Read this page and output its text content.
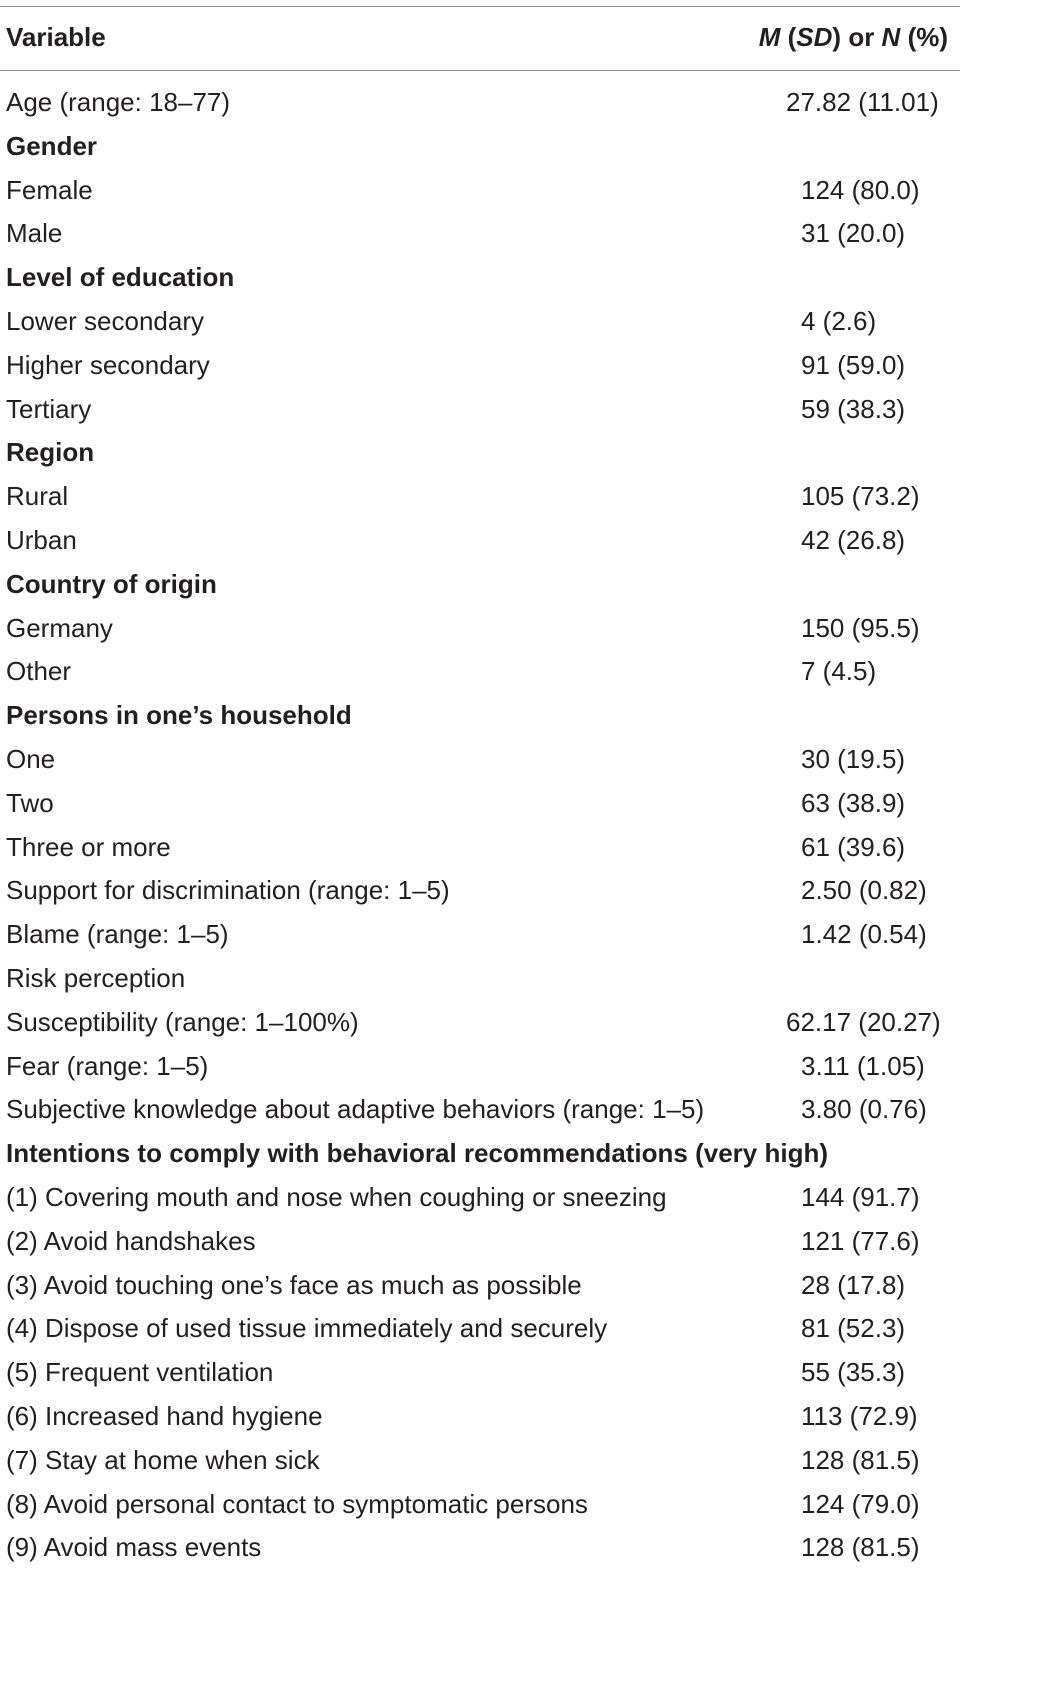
Variable	M (SD) or N (%)
Age (range: 18–77)	27.82 (11.01)
Gender
Female	124 (80.0)
Male	31 (20.0)
Level of education
Lower secondary	4 (2.6)
Higher secondary	91 (59.0)
Tertiary	59 (38.3)
Region
Rural	105 (73.2)
Urban	42 (26.8)
Country of origin
Germany	150 (95.5)
Other	7 (4.5)
Persons in one’s household
One	30 (19.5)
Two	63 (38.9)
Three or more	61 (39.6)
Support for discrimination (range: 1–5)	2.50 (0.82)
Blame (range: 1–5)	1.42 (0.54)
Risk perception
Susceptibility (range: 1–100%)	62.17 (20.27)
Fear (range: 1–5)	3.11 (1.05)
Subjective knowledge about adaptive behaviors (range: 1–5)	3.80 (0.76)
Intentions to comply with behavioral recommendations (very high)
(1) Covering mouth and nose when coughing or sneezing	144 (91.7)
(2) Avoid handshakes	121 (77.6)
(3) Avoid touching one’s face as much as possible	28 (17.8)
(4) Dispose of used tissue immediately and securely	81 (52.3)
(5) Frequent ventilation	55 (35.3)
(6) Increased hand hygiene	113 (72.9)
(7) Stay at home when sick	128 (81.5)
(8) Avoid personal contact to symptomatic persons	124 (79.0)
(9) Avoid mass events	128 (81.5)
